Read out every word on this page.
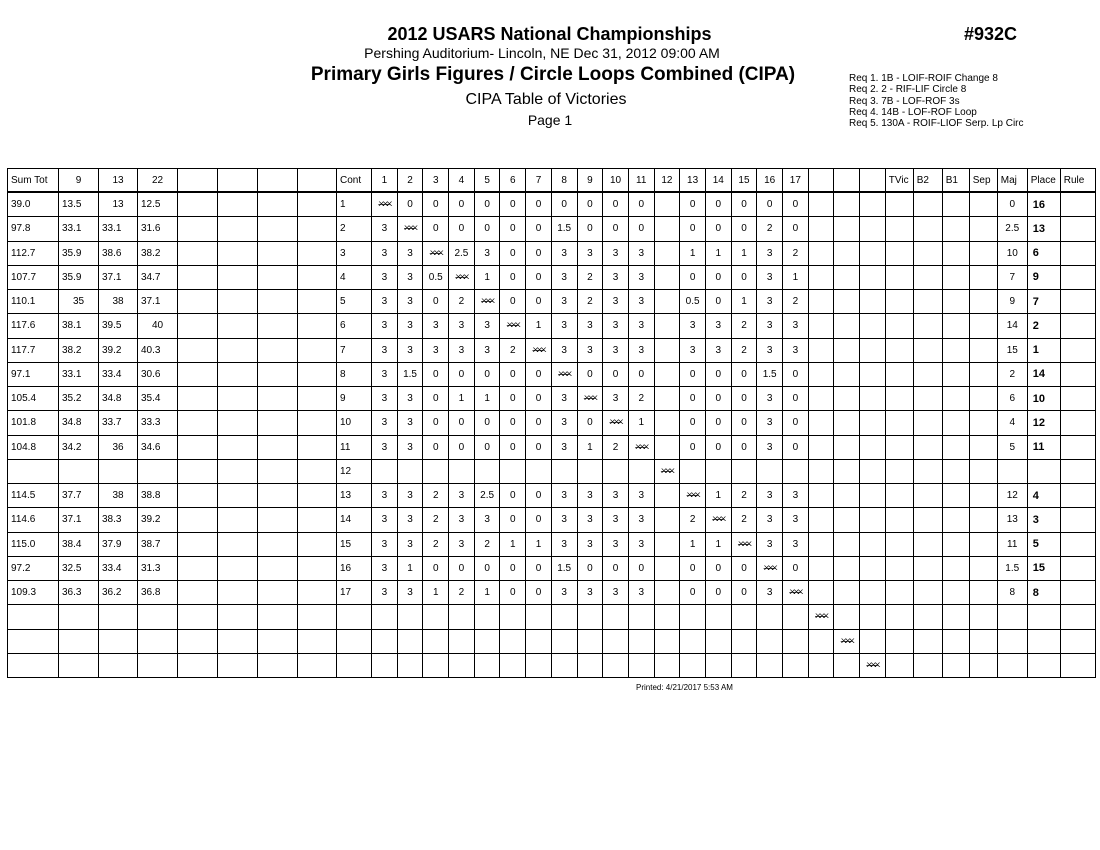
2012 USARS National Championships	#932C
Pershing Auditorium- Lincoln, NE Dec 31, 2012 09:00 AM
Primary Girls Figures / Circle Loops Combined (CIPA)
CIPA Table of Victories
Page 1
Req 1. 1B - LOIF-ROIF Change 8
Req 2. 2 - RIF-LIF Circle 8
Req 3. 7B - LOF-ROF 3s
Req 4. 14B - LOF-ROF Loop
Req 5. 130A - ROIF-LIOF Serp. Lp Circ
Sum Tot	9	13	22					Cont	1	2	3	4	5	6	7	8	9	10	11	12	13	14	15	16	17				TVic	B2	B1	Sep	Maj	Place	Rule
39.0	13.5	13	12.5					1	XXX	0	0	0	0	0	0	0	0	0	0		0	0	0	0	0								0	16	
97.8	33.1	33.1	31.6					2	3	XXX	0	0	0	0	0	1.5	0	0	0		0	0	0	2	0								2.5	13	
112.7	35.9	38.6	38.2					3	3	3	XXX	2.5	3	0	0	3	3	3	3		1	1	1	3	2								10	6	
107.7	35.9	37.1	34.7					4	3	3	0.5	XXX	1	0	0	3	2	3	3		0	0	0	3	1								7	9	
110.1	35	38	37.1					5	3	3	0	2	XXX	0	0	3	2	3	3		0.5	0	1	3	2								9	7	
117.6	38.1	39.5	40					6	3	3	3	3	3	XXX	1	3	3	3	3		3	3	2	3	3								14	2	
117.7	38.2	39.2	40.3					7	3	3	3	3	3	2	XXX	3	3	3	3		3	3	2	3	3								15	1	
97.1	33.1	33.4	30.6					8	3	1.5	0	0	0	0	0	XXX	0	0	0		0	0	0	1.5	0								2	14	
105.4	35.2	34.8	35.4					9	3	3	0	1	1	0	0	3	XXX	3	2		0	0	0	3	0								6	10	
101.8	34.8	33.7	33.3					10	3	3	0	0	0	0	0	3	0	XXX	1		0	0	0	3	0								4	12	
104.8	34.2	36	34.6					11	3	3	0	0	0	0	0	3	1	2	XXX		0	0	0	3	0								5	11	
								12												XXX															
114.5	37.7	38	38.8					13	3	3	2	3	2.5	0	0	3	3	3	3		XXX	1	2	3	3								12	4	
114.6	37.1	38.3	39.2					14	3	3	2	3	3	0	0	3	3	3	3		2	XXX	2	3	3								13	3	
115.0	38.4	37.9	38.7					15	3	3	2	3	2	1	1	3	3	3	3		1	1	XXX	3	3								11	5	
97.2	32.5	33.4	31.3					16	3	1	0	0	0	0	0	1.5	0	0	0		0	0	0	XXX	0								1.5	15	
109.3	36.3	36.2	36.8					17	3	3	1	2	1	0	0	3	3	3	3		0	0	0	3	XXX								8	8	
																										XXX									
																											XXX								
																												XXX							
Printed: 4/21/2017 5:53 AM
